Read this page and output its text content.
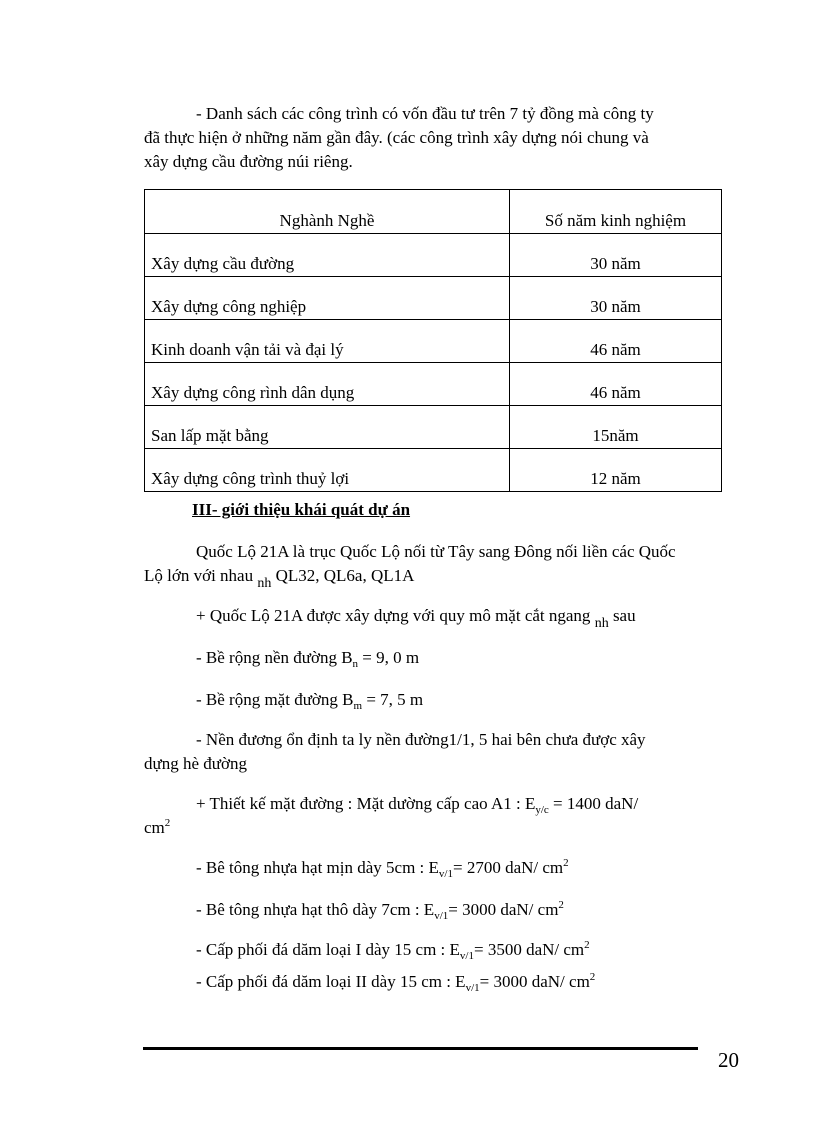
- Danh sách các công trình có vốn đầu tư trên 7 tỷ đồng mà công ty
đã thực hiện ở những năm gần đây. (các công trình xây dựng nói chung và
xây dựng cầu đường núi riêng.
Nghành Nghề	Số năm kinh nghiệm
Xây dựng cầu đường	30 năm
Xây dựng công nghiệp	30 năm
Kinh doanh vận tải và đại lý	46 năm
Xây dựng công rình dân dụng	46 năm
San lấp mặt bằng	15năm
Xây dựng công trình thuỷ lợi	12 năm
III- giới thiệu khái quát dự án
Quốc Lộ 21A là trục Quốc Lộ nối từ Tây sang Đông nối liền các Quốc
Lộ lớn với nhau $_{nh}$ QL32, QL6a, QL1A
+ Quốc Lộ 21A được xây dựng với quy mô mặt cắt ngang $_{nh}$ sau
- Bề rộng nền đường $B_n = 9$, 0 m
- Bề rộng mặt đường $B_m = 7$, 5 m
- Nền đương ổn định ta ly nền đường1/1, 5 hai bên chưa được xây
dựng hè đường
+ Thiết kế mặt đường : Mặt dường cấp cao A1 : $E_{y/c} = 1400$ daN/
$cm^2$
- Bê tông nhựa hạt mịn dày 5cm : $E_{v/1}= 2700$ daN/ $cm^2$
- Bê tông nhựa hạt thô dày 7cm : $E_{v/1}= 3000$ daN/ $cm^2$
- Cấp phối đá dăm loại I dày 15 cm : $E_{v/1}= 3500$ daN/ $cm^2$
- Cấp phối đá dăm loại II dày 15 cm : $E_{v/1}= 3000$ daN/ $cm^2$
20
